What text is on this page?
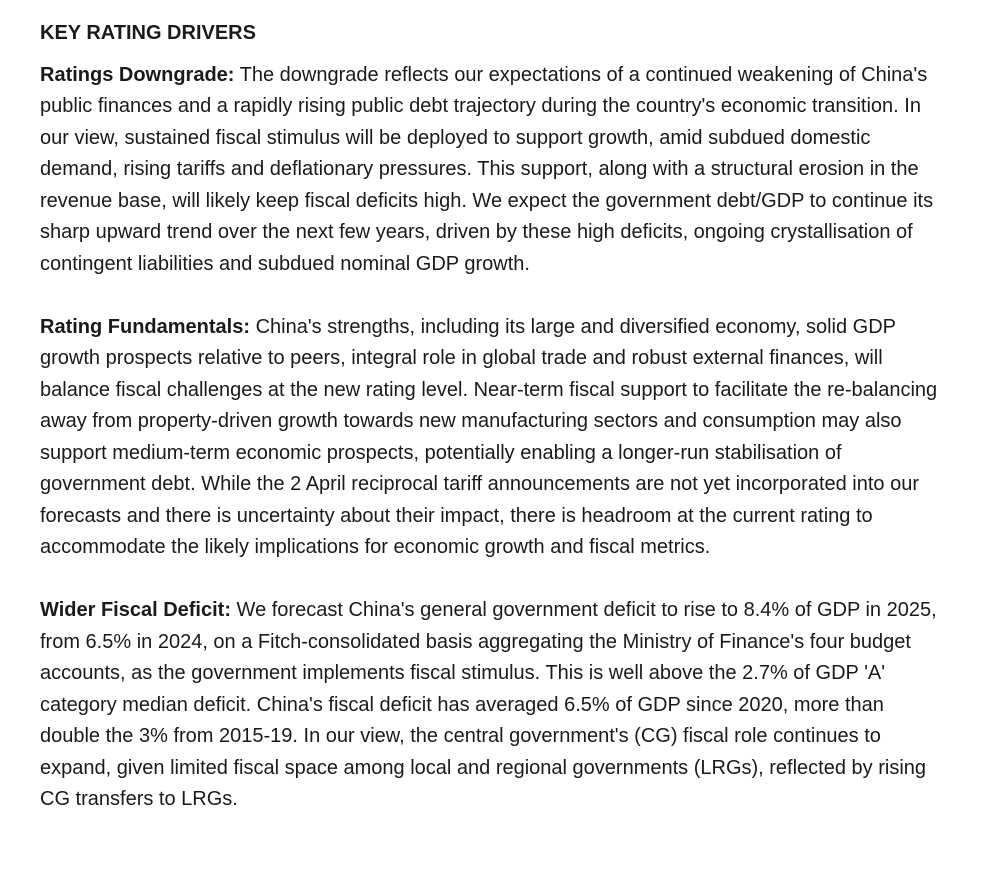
KEY RATING DRIVERS

Ratings Downgrade: The downgrade reflects our expectations of a continued weakening of China's public finances and a rapidly rising public debt trajectory during the country's economic transition. In our view, sustained fiscal stimulus will be deployed to support growth, amid subdued domestic demand, rising tariffs and deflationary pressures. This support, along with a structural erosion in the revenue base, will likely keep fiscal deficits high. We expect the government debt/GDP to continue its sharp upward trend over the next few years, driven by these high deficits, ongoing crystallisation of contingent liabilities and subdued nominal GDP growth.

Rating Fundamentals: China's strengths, including its large and diversified economy, solid GDP growth prospects relative to peers, integral role in global trade and robust external finances, will balance fiscal challenges at the new rating level. Near-term fiscal support to facilitate the re-balancing away from property-driven growth towards new manufacturing sectors and consumption may also support medium-term economic prospects, potentially enabling a longer-run stabilisation of government debt. While the 2 April reciprocal tariff announcements are not yet incorporated into our forecasts and there is uncertainty about their impact, there is headroom at the current rating to accommodate the likely implications for economic growth and fiscal metrics.

Wider Fiscal Deficit: We forecast China's general government deficit to rise to 8.4% of GDP in 2025, from 6.5% in 2024, on a Fitch-consolidated basis aggregating the Ministry of Finance's four budget accounts, as the government implements fiscal stimulus. This is well above the 2.7% of GDP 'A' category median deficit. China's fiscal deficit has averaged 6.5% of GDP since 2020, more than double the 3% from 2015-19. In our view, the central government's (CG) fiscal role continues to expand, given limited fiscal space among local and regional governments (LRGs), reflected by rising CG transfers to LRGs.
